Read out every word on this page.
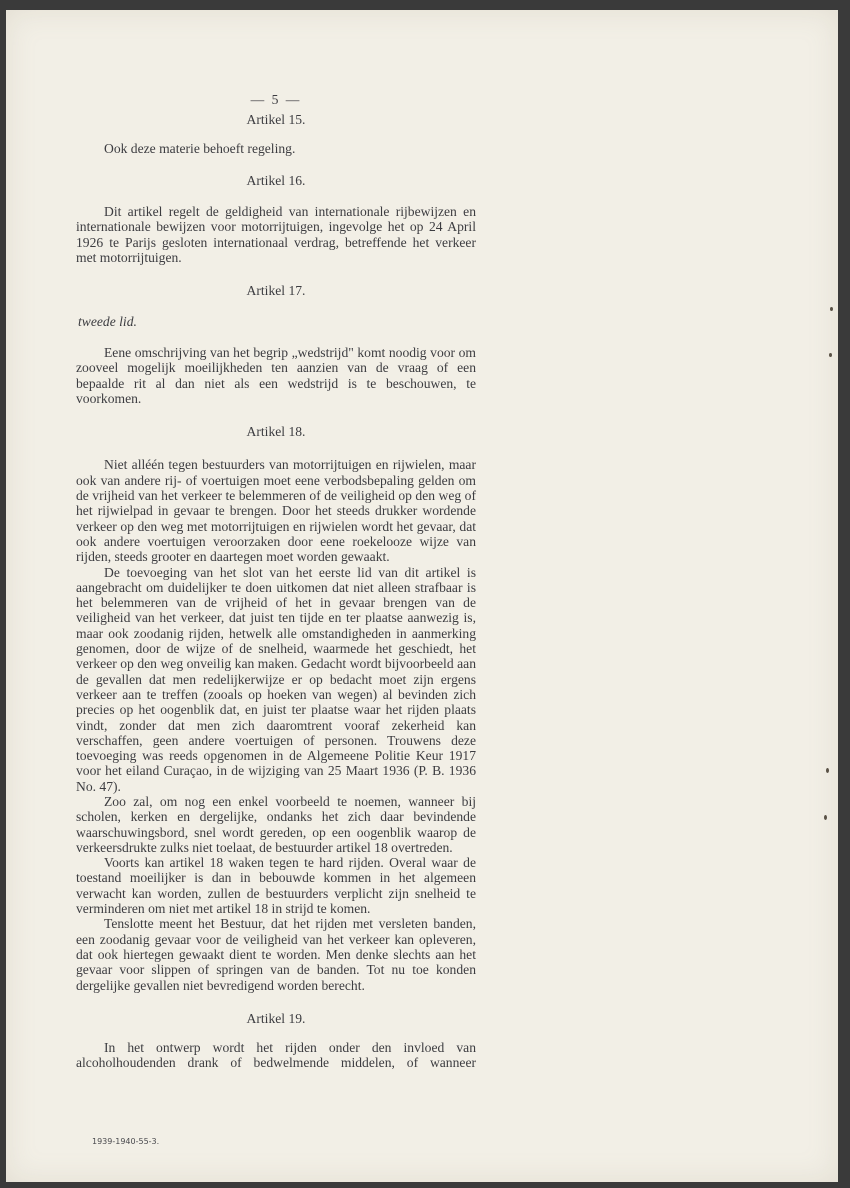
— 5 —

Artikel 15.

Ook deze materie behoeft regeling.

Artikel 16.

Dit artikel regelt de geldigheid van internationale rijbewijzen en internationale bewijzen voor motorrijtuigen, ingevolge het op 24 April 1926 te Parijs gesloten internationaal verdrag, betreffende het verkeer met motorrijtuigen.

Artikel 17.

tweede lid.

Eene omschrijving van het begrip „wedstrijd" komt noodig voor om zooveel mogelijk moeilijkheden ten aanzien van de vraag of een bepaalde rit al dan niet als een wedstrijd is te beschouwen, te voorkomen.

Artikel 18.

Niet alléén tegen bestuurders van motorrijtuigen en rijwielen, maar ook van andere rij- of voertuigen moet eene verbodsbepaling gelden om de vrijheid van het verkeer te belemmeren of de veiligheid op den weg of het rijwielpad in gevaar te brengen. Door het steeds drukker wordende verkeer op den weg met motorrijtuigen en rijwielen wordt het gevaar, dat ook andere voertuigen veroorzaken door eene roekelooze wijze van rijden, steeds grooter en daartegen moet worden gewaakt.

De toevoeging van het slot van het eerste lid van dit artikel is aangebracht om duidelijker te doen uitkomen dat niet alleen strafbaar is het belemmeren van de vrijheid of het in gevaar brengen van de veiligheid van het verkeer, dat juist ten tijde en ter plaatse aanwezig is, maar ook zoodanig rijden, hetwelk alle omstandigheden in aanmerking genomen, door de wijze of de snelheid, waarmede het geschiedt, het verkeer op den weg onveilig kan maken. Gedacht wordt bijvoorbeeld aan de gevallen dat men redelijkerwijze er op bedacht moet zijn ergens verkeer aan te treffen (zooals op hoeken van wegen) al bevinden zich precies op het oogenblik dat, en juist ter plaatse waar het rijden plaats vindt, zonder dat men zich daaromtrent vooraf zekerheid kan verschaffen, geen andere voertuigen of personen. Trouwens deze toevoeging was reeds opgenomen in de Algemeene Politie Keur 1917 voor het eiland Curaçao, in de wijziging van 25 Maart 1936 (P. B. 1936 No. 47).

Zoo zal, om nog een enkel voorbeeld te noemen, wanneer bij scholen, kerken en dergelijke, ondanks het zich daar bevindende waarschuwingsbord, snel wordt gereden, op een oogenblik waarop de verkeersdrukte zulks niet toelaat, de bestuurder artikel 18 overtreden.

Voorts kan artikel 18 waken tegen te hard rijden. Overal waar de toestand moeilijker is dan in bebouwde kommen in het algemeen verwacht kan worden, zullen de bestuurders verplicht zijn snelheid te verminderen om niet met artikel 18 in strijd te komen.

Tenslotte meent het Bestuur, dat het rijden met versleten banden, een zoodanig gevaar voor de veiligheid van het verkeer kan opleveren, dat ook hiertegen gewaakt dient te worden. Men denke slechts aan het gevaar voor slippen of springen van de banden. Tot nu toe konden dergelijke gevallen niet bevredigend worden berecht.

Artikel 19.

In het ontwerp wordt het rijden onder den invloed van alcoholhoudenden drank of bedwelmende middelen, of wanneer

1939-1940-55-3.
